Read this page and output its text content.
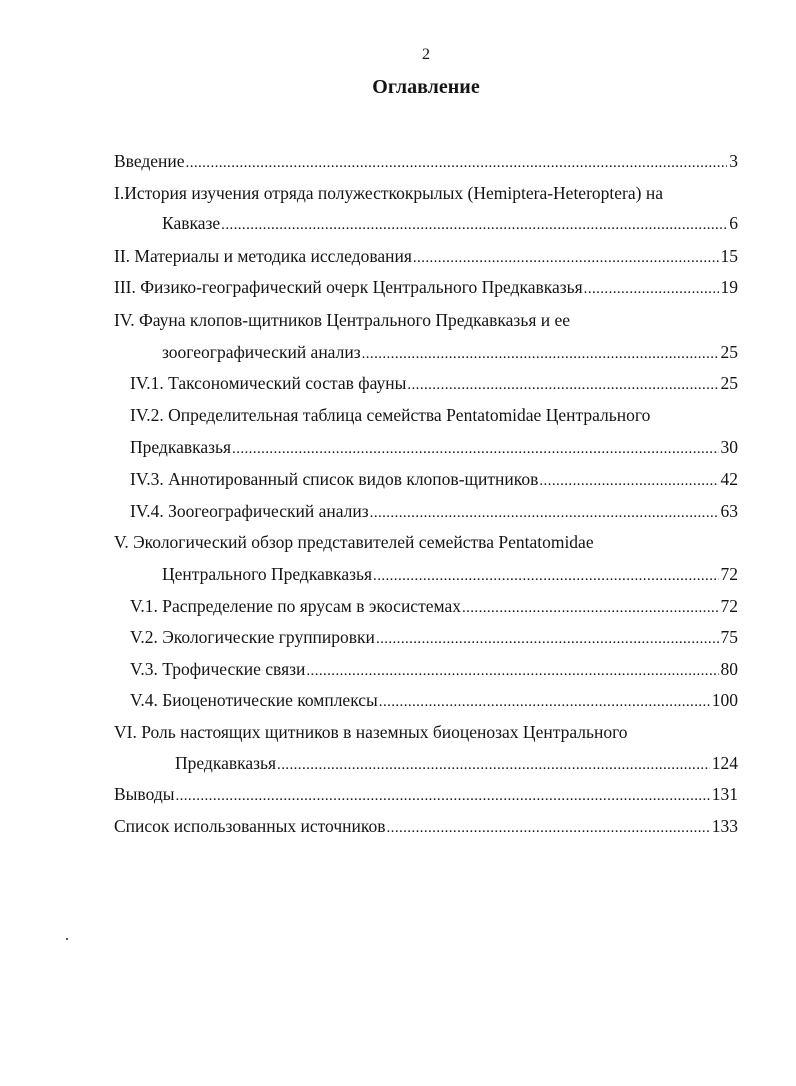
2
Оглавление
Введение .....	3
I.История изучения отряда полужесткокрылых (Hemiptera-Heteroptera) на
Кавказе .....	6
II. Материалы и методика исследования .....	15
III. Физико-географический очерк Центрального Предкавказья .....	19
IV. Фауна клопов-щитников Центрального Предкавказья и ее
зоогеографический анализ .....	25
IV.1. Таксономический состав фауны .....	25
IV.2. Определительная таблица семейства Pentatomidae Центрального
Предкавказья .....	30
IV.3. Аннотированный список видов клопов-щитников .....	42
IV.4. Зоогеографический анализ .....	63
V. Экологический обзор представителей семейства Pentatomidae
Центрального Предкавказья .....	72
V.1. Распределение по ярусам в экосистемах .....	72
V.2. Экологические группировки .....	75
V.3. Трофические связи .....	80
V.4. Биоценотические комплексы .....	100
VI. Роль настоящих щитников в наземных биоценозах Центрального
Предкавказья .....	124
Выводы .....	131
Список использованных источников .....	133
